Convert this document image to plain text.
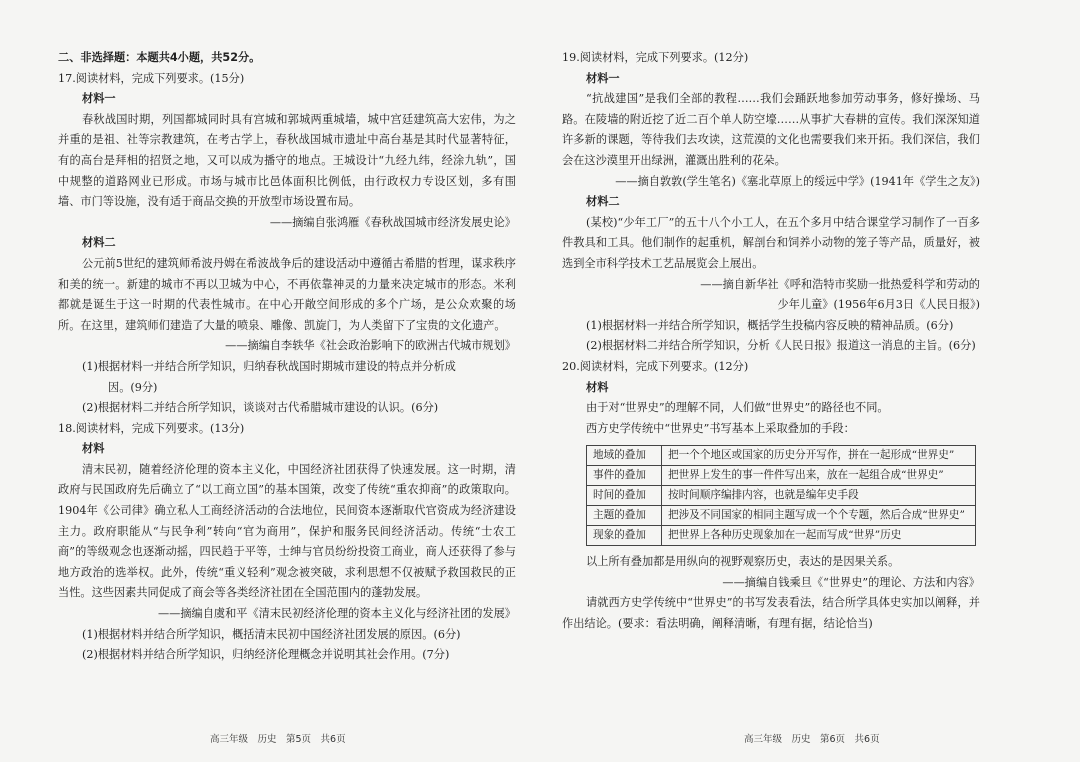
二、非选择题：本题共4小题，共52分。
17.阅读材料，完成下列要求。(15分)
材料一
春秋战国时期，列国都城同时具有宫城和郭城两重城墙，城中宫廷建筑高大宏伟，为之并重的是祖、社等宗教建筑，在考古学上，春秋战国城市遗址中高台基是其时代显著特征，有的高台是拜相的招贤之地，又可以成为播守的地点。王城设计“九经九纬，经涂九轨”，国中规整的道路网业已形成。市场与城市比邑体面积比例低，由行政权力专设区划，多有围墙、市门等设施，没有适于商品交换的开放型市场设置布局。
——摘编自张鸿雁《春秋战国城市经济发展史论》
材料二
公元前5世纪的建筑师希波丹姆在希波战争后的建设活动中遵循古希腊的哲理，谋求秩序和美的统一。新建的城市不再以卫城为中心，不再依靠神灵的力量来决定城市的形态。米利都就是诞生于这一时期的代表性城市。在中心开敞空间形成的多个广场，是公众欢聚的场所。在这里，建筑师们建造了大量的喷泉、雕像、凯旋门，为人类留下了宝贵的文化遗产。
——摘编自李轶华《社会政治影响下的欧洲古代城市规划》
(1)根据材料一并结合所学知识，归纳春秋战国时期城市建设的特点并分析成
因。(9分)
(2)根据材料二并结合所学知识，谈谈对古代希腊城市建设的认识。(6分)
18.阅读材料，完成下列要求。(13分)
材料
清末民初，随着经济伦理的资本主义化，中国经济社团获得了快速发展。这一时期，清政府与民国政府先后确立了“以工商立国”的基本国策，改变了传统“重农抑商”的政策取向。1904年《公司律》确立私人工商经济活动的合法地位，民间资本逐渐取代官资成为经济建设主力。政府职能从“与民争利”转向“官为商用”，保护和服务民间经济活动。传统“士农工商”的等级观念也逐渐动摇，四民趋于平等，士绅与官员纷纷投资工商业，商人还获得了参与地方政治的选举权。此外，传统“重义轻利”观念被突破，求利思想不仅被赋予救国救民的正当性。这些因素共同促成了商会等各类经济社团在全国范围内的蓬勃发展。
——摘编自虞和平《清末民初经济伦理的资本主义化与经济社团的发展》
(1)根据材料并结合所学知识，概括清末民初中国经济社团发展的原因。(6分)
(2)根据材料并结合所学知识，归纳经济伦理概念并说明其社会作用。(7分)
19.阅读材料，完成下列要求。(12分)
材料一
“抗战建国”是我们全部的教程……我们会踊跃地参加劳动事务，修好操场、马路。在陵墙的附近挖了近二百个单人防空壕……从事扩大春耕的宣传。我们深深知道许多新的课题，等待我们去攻读，这荒漠的文化也需要我们来开拓。我们深信，我们会在这沙漠里开出绿洲，灌溉出胜利的花朵。
——摘自敦敦(学生笔名)《塞北草原上的绥远中学》(1941年《学生之友》)
材料二
(某校)“少年工厂”的五十八个小工人，在五个多月中结合课堂学习制作了一百多件教具和工具。他们制作的起重机，解剖台和饲养小动物的笼子等产品，质量好，被选到全市科学技术工艺品展览会上展出。
——摘自新华社《呼和浩特市奖励一批热爱科学和劳动的
少年儿童》(1956年6月3日《人民日报》)
(1)根据材料一并结合所学知识，概括学生投稿内容反映的精神品质。(6分)
(2)根据材料二并结合所学知识，分析《人民日报》报道这一消息的主旨。(6分)
20.阅读材料，完成下列要求。(12分)
材料
由于对“世界史”的理解不同，人们做“世界史”的路径也不同。
西方史学传统中“世界史”书写基本上采取叠加的手段：
地域的叠加	把一个个地区或国家的历史分开写作，拼在一起形成“世界史”
事件的叠加	把世界上发生的事一件件写出来，放在一起组合成“世界史”
时间的叠加	按时间顺序编排内容，也就是编年史手段
主题的叠加	把涉及不同国家的相同主题写成一个个专题，然后合成“世界史”
现象的叠加	把世界上各种历史现象加在一起而写成“世界”历史
以上所有叠加都是用纵向的视野观察历史，表达的是因果关系。
——摘编自钱乘旦《“世界史”的理论、方法和内容》
请就西方史学传统中“世界史”的书写发表看法，结合所学具体史实加以阐释，并作出结论。(要求：看法明确，阐释清晰，有理有据，结论恰当)
高三年级　历史　第5页　共6页	高三年级　历史　第6页　共6页
